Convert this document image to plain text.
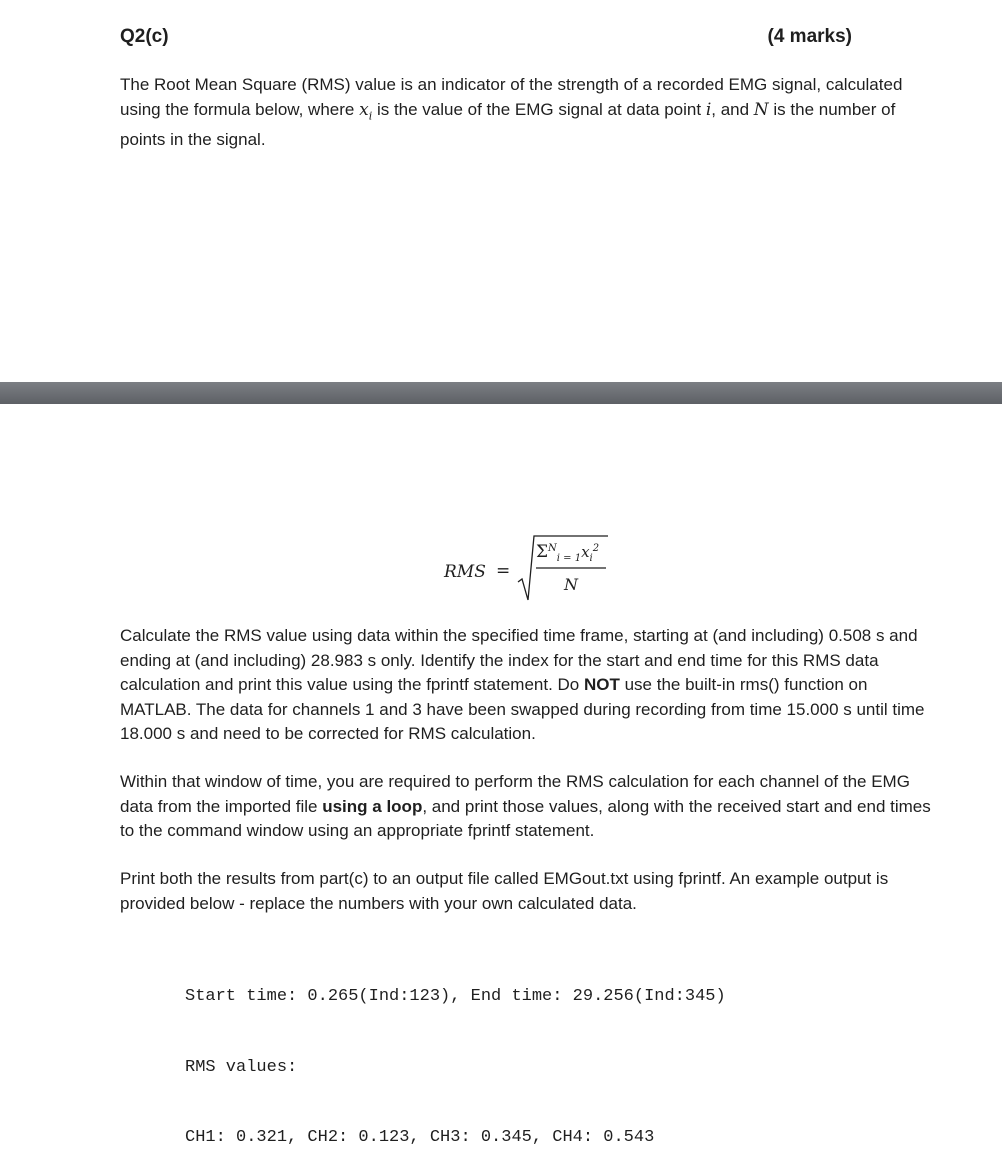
Q2(c)	(4 marks)
The Root Mean Square (RMS) value is an indicator of the strength of a recorded EMG signal, calculated using the formula below, where $x_i$ is the value of the EMG signal at data point i, and N is the number of points in the signal.
RMS =
$\Sigma^N_{i = 1}x_i^2$
N
Calculate the RMS value using data within the specified time frame, starting at (and including) 0.508 s and ending at (and including) 28.983 s only. Identify the index for the start and end time for this RMS data calculation and print this value using the fprintf statement. Do NOT use the built-in rms() function on MATLAB. The data for channels 1 and 3 have been swapped during recording from time 15.000 s until time 18.000 s and need to be corrected for RMS calculation.
Within that window of time, you are required to perform the RMS calculation for each channel of the EMG data from the imported file using a loop, and print those values, along with the received start and end times to the command window using an appropriate fprintf statement.
Print both the results from part(c) to an output file called EMGout.txt using fprintf. An example output is provided below - replace the numbers with your own calculated data.

Start time: 0.265(Ind:123), End time: 29.256(Ind:345)

RMS values:

CH1: 0.321, CH2: 0.123, CH3: 0.345, CH4: 0.543
